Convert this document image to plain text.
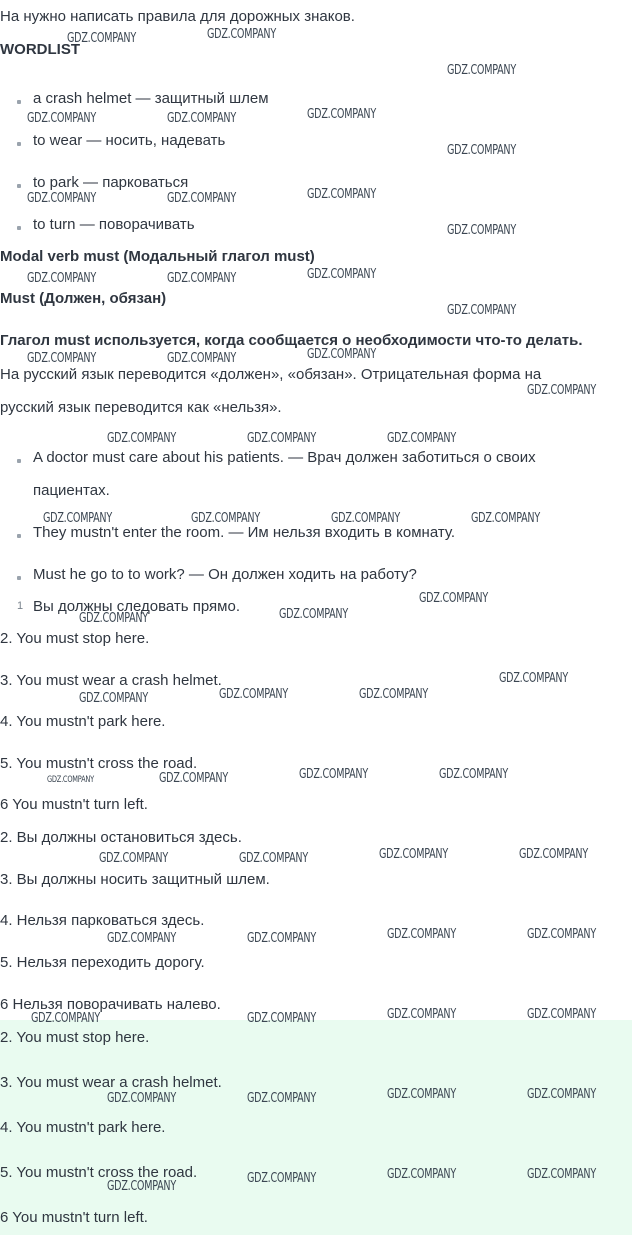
На нужно написать правила для дорожных знаков.
WORDLIST
a crash helmet — защитный шлем
to wear — носить, надевать
to park — парковаться
to turn — поворачивать
Modal verb must (Модальный глагол must)
Must (Должен, обязан)
Глагол must используется, когда сообщается о необходимости что-то делать.
На русский язык переводится «должен», «обязан». Отрицательная форма на
русский язык переводится как «нельзя».
A doctor must care about his patients. — Врач должен заботиться о своих
пациентах.
They mustn't enter the room. — Им нельзя входить в комнату.
Must he go to to work? — Он должен ходить на работу?
1 Вы должны следовать прямо.
2. You must stop here.
3. You must wear a crash helmet.
4. You mustn't park here.
5. You mustn't cross the road.
6 You mustn't turn left.
2. Вы должны остановиться здесь.
3. Вы должны носить защитный шлем.
4. Нельзя парковаться здесь.
5. Нельзя переходить дорогу.
6 Нельзя поворачивать налево.
2. You must stop here.
3. You must wear a crash helmet.
4. You mustn't park here.
5. You mustn't cross the road.
6 You mustn't turn left.
GDZ.COMPANY	GDZ.COMPANY
GDZ.COMPANY
GDZ.COMPANY	GDZ.COMPANY	GDZ.COMPANY
GDZ.COMPANY
GDZ.COMPANY	GDZ.COMPANY	GDZ.COMPANY
GDZ.COMPANY
GDZ.COMPANY	GDZ.COMPANY	GDZ.COMPANY
GDZ.COMPANY
GDZ.COMPANY	GDZ.COMPANY	GDZ.COMPANY
GDZ.COMPANY
GDZ.COMPANY	GDZ.COMPANY	GDZ.COMPANY
GDZ.COMPANY	GDZ.COMPANY	GDZ.COMPANY	GDZ.COMPANY
GDZ.COMPANY
GDZ.COMPANY	GDZ.COMPANY
GDZ.COMPANY
GDZ.COMPANY	GDZ.COMPANY	GDZ.COMPANY
GDZ.COMPANY	GDZ.COMPANY	GDZ.COMPANY	GDZ.COMPANY
GDZ.COMPANY	GDZ.COMPANY	GDZ.COMPANY	GDZ.COMPANY
GDZ.COMPANY	GDZ.COMPANY	GDZ.COMPANY	GDZ.COMPANY
GDZ.COMPANY	GDZ.COMPANY	GDZ.COMPANY	GDZ.COMPANY
GDZ.COMPANY	GDZ.COMPANY	GDZ.COMPANY	GDZ.COMPANY
GDZ.COMPANY	GDZ.COMPANY	GDZ.COMPANY
GDZ.COMPANY
